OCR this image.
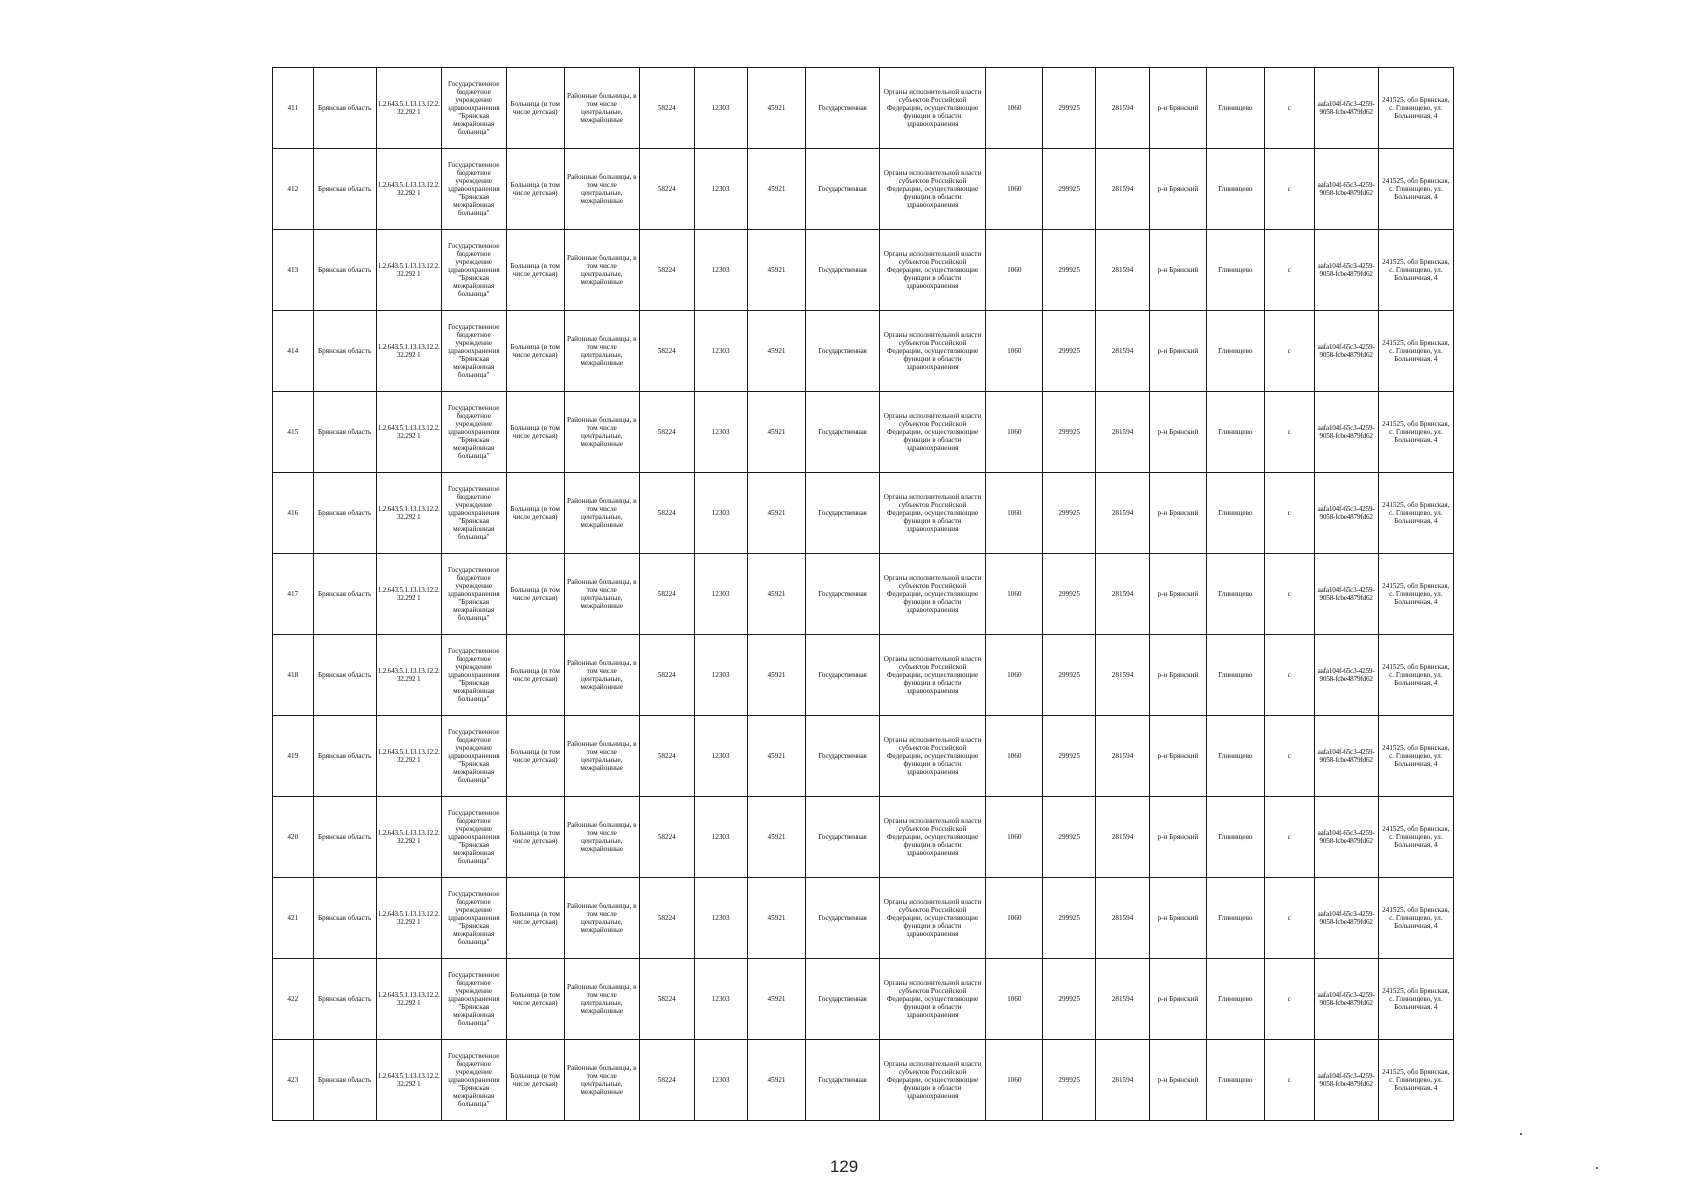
411	Брянская область	1.2.643.5.1.13.13.12.2.32.292 1	Государственное бюджетное учреждение здравоохранения "Брянская межрайонная больница"	Больница (в том числе детская)	Районные больницы, в том числе центральные, межрайонные	58224	12303	45921	Государственная	Органы исполнительной власти субъектов Российской Федерации, осуществляющие функции в области здравоохранения	1060	299925	281594	р-н Брянский	Глинищево	с	aafa104f-65c3-4259-9058-fcbe4879fd62	241525, обл Брянская, с. Глинищево, ул. Больничная, 4
412	Брянская область	1.2.643.5.1.13.13.12.2.32.292 1	Государственное бюджетное учреждение здравоохранения "Брянская межрайонная больница"	Больница (в том числе детская)	Районные больницы, в том числе центральные, межрайонные	58224	12303	45921	Государственная	Органы исполнительной власти субъектов Российской Федерации, осуществляющие функции в области здравоохранения	1060	299925	281594	р-н Брянский	Глинищево	с	aafa104f-65c3-4259-9058-fcbe4879fd62	241525, обл Брянская, с. Глинищево, ул. Больничная, 4
413	Брянская область	1.2.643.5.1.13.13.12.2.32.292 1	Государственное бюджетное учреждение здравоохранения "Брянская межрайонная больница"	Больница (в том числе детская)	Районные больницы, в том числе центральные, межрайонные	58224	12303	45921	Государственная	Органы исполнительной власти субъектов Российской Федерации, осуществляющие функции в области здравоохранения	1060	299925	281594	р-н Брянский	Глинищево	с	aafa104f-65c3-4259-9058-fcbe4879fd62	241525, обл Брянская, с. Глинищево, ул. Больничная, 4
414	Брянская область	1.2.643.5.1.13.13.12.2.32.292 1	Государственное бюджетное учреждение здравоохранения "Брянская межрайонная больница"	Больница (в том числе детская)	Районные больницы, в том числе центральные, межрайонные	58224	12303	45921	Государственная	Органы исполнительной власти субъектов Российской Федерации, осуществляющие функции в области здравоохранения	1060	299925	281594	р-н Брянский	Глинищево	с	aafa104f-65c3-4259-9058-fcbe4879fd62	241525, обл Брянская, с. Глинищево, ул. Больничная, 4
415	Брянская область	1.2.643.5.1.13.13.12.2.32.292 1	Государственное бюджетное учреждение здравоохранения "Брянская межрайонная больница"	Больница (в том числе детская)	Районные больницы, в том числе центральные, межрайонные	58224	12303	45921	Государственная	Органы исполнительной власти субъектов Российской Федерации, осуществляющие функции в области здравоохранения	1060	299925	281594	р-н Брянский	Глинищево	с	aafa104f-65c3-4259-9058-fcbe4879fd62	241525, обл Брянская, с. Глинищево, ул. Больничная, 4
416	Брянская область	1.2.643.5.1.13.13.12.2.32.292 1	Государственное бюджетное учреждение здравоохранения "Брянская межрайонная больница"	Больница (в том числе детская)	Районные больницы, в том числе центральные, межрайонные	58224	12303	45921	Государственная	Органы исполнительной власти субъектов Российской Федерации, осуществляющие функции в области здравоохранения	1060	299925	281594	р-н Брянский	Глинищево	с	aafa104f-65c3-4259-9058-fcbe4879fd62	241525, обл Брянская, с. Глинищево, ул. Больничная, 4
417	Брянская область	1.2.643.5.1.13.13.12.2.32.292 1	Государственное бюджетное учреждение здравоохранения "Брянская межрайонная больница"	Больница (в том числе детская)	Районные больницы, в том числе центральные, межрайонные	58224	12303	45921	Государственная	Органы исполнительной власти субъектов Российской Федерации, осуществляющие функции в области здравоохранения	1060	299925	281594	р-н Брянский	Глинищево	с	aafa104f-65c3-4259-9058-fcbe4879fd62	241525, обл Брянская, с. Глинищево, ул. Больничная, 4
418	Брянская область	1.2.643.5.1.13.13.12.2.32.292 1	Государственное бюджетное учреждение здравоохранения "Брянская межрайонная больница"	Больница (в том числе детская)	Районные больницы, в том числе центральные, межрайонные	58224	12303	45921	Государственная	Органы исполнительной власти субъектов Российской Федерации, осуществляющие функции в области здравоохранения	1060	299925	281594	р-н Брянский	Глинищево	с	aafa104f-65c3-4259-9058-fcbe4879fd62	241525, обл Брянская, с. Глинищево, ул. Больничная, 4
419	Брянская область	1.2.643.5.1.13.13.12.2.32.292 1	Государственное бюджетное учреждение здравоохранения "Брянская межрайонная больница"	Больница (в том числе детская)	Районные больницы, в том числе центральные, межрайонные	58224	12303	45921	Государственная	Органы исполнительной власти субъектов Российской Федерации, осуществляющие функции в области здравоохранения	1060	299925	281594	р-н Брянский	Глинищево	с	aafa104f-65c3-4259-9058-fcbe4879fd62	241525, обл Брянская, с. Глинищево, ул. Больничная, 4
420	Брянская область	1.2.643.5.1.13.13.12.2.32.292 1	Государственное бюджетное учреждение здравоохранения "Брянская межрайонная больница"	Больница (в том числе детская)	Районные больницы, в том числе центральные, межрайонные	58224	12303	45921	Государственная	Органы исполнительной власти субъектов Российской Федерации, осуществляющие функции в области здравоохранения	1060	299925	281594	р-н Брянский	Глинищево	с	aafa104f-65c3-4259-9058-fcbe4879fd62	241525, обл Брянская, с. Глинищево, ул. Больничная, 4
421	Брянская область	1.2.643.5.1.13.13.12.2.32.292 1	Государственное бюджетное учреждение здравоохранения "Брянская межрайонная больница"	Больница (в том числе детская)	Районные больницы, в том числе центральные, межрайонные	58224	12303	45921	Государственная	Органы исполнительной власти субъектов Российской Федерации, осуществляющие функции в области здравоохранения	1060	299925	281594	р-н Брянский	Глинищево	с	aafa104f-65c3-4259-9058-fcbe4879fd62	241525, обл Брянская, с. Глинищево, ул. Больничная, 4
422	Брянская область	1.2.643.5.1.13.13.12.2.32.292 1	Государственное бюджетное учреждение здравоохранения "Брянская межрайонная больница"	Больница (в том числе детская)	Районные больницы, в том числе центральные, межрайонные	58224	12303	45921	Государственная	Органы исполнительной власти субъектов Российской Федерации, осуществляющие функции в области здравоохранения	1060	299925	281594	р-н Брянский	Глинищево	с	aafa104f-65c3-4259-9058-fcbe4879fd62	241525, обл Брянская, с. Глинищево, ул. Больничная, 4
423	Брянская область	1.2.643.5.1.13.13.12.2.32.292 1	Государственное бюджетное учреждение здравоохранения "Брянская межрайонная больница"	Больница (в том числе детская)	Районные больницы, в том числе центральные, межрайонные	58224	12303	45921	Государственная	Органы исполнительной власти субъектов Российской Федерации, осуществляющие функции в области здравоохранения	1060	299925	281594	р-н Брянский	Глинищево	с	aafa104f-65c3-4259-9058-fcbe4879fd62	241525, обл Брянская, с. Глинищево, ул. Больничная, 4
129
